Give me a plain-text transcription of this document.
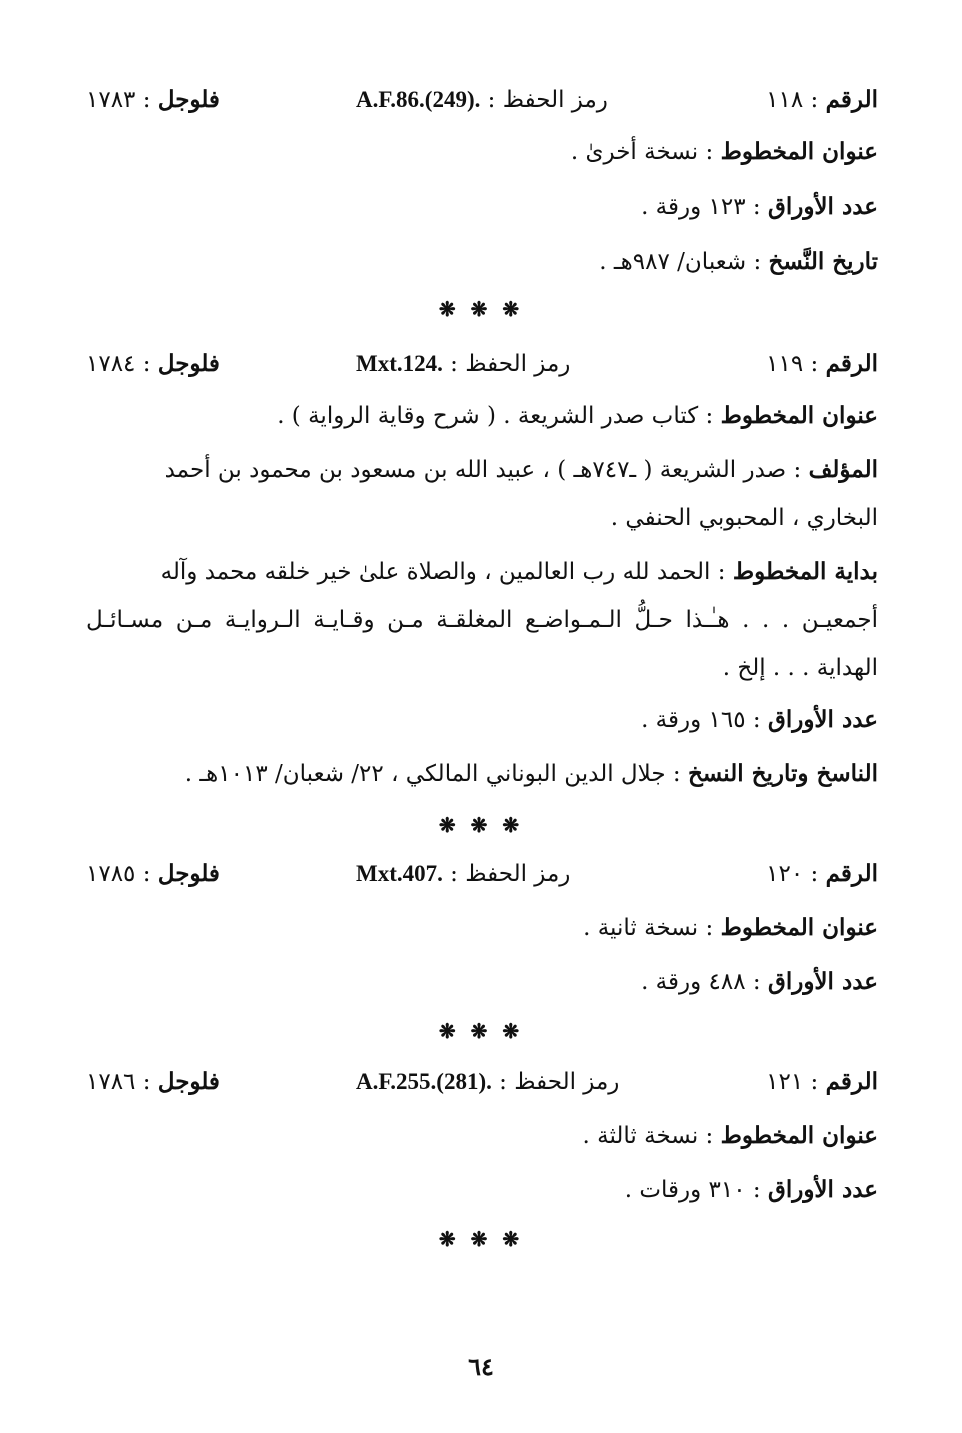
الرقم : ١١٨
رمز الحفظ : A.F.86.(249).
فلوجل : ١٧٨٣
عنوان المخطوط : نسخة أخرىٰ .
عدد الأوراق : ١٢٣ ورقة .
تاريخ النَّسخ : شعبان/ ٩٨٧هـ .
❋ ❋ ❋
الرقم : ١١٩
رمز الحفظ : Mxt.124.
فلوجل : ١٧٨٤
عنوان المخطوط : كتاب صدر الشريعة . ( شرح وقاية الرواية ) .
المؤلف : صدر الشريعة ( ـ٧٤٧هـ ) ، عبيد الله بن مسعود بن محمود بن أحمد
البخاري ، المحبوبي الحنفي .
بداية المخطوط : الحمد لله رب العالمين ، والصلاة علىٰ خير خلقه محمد وآله
أجمعيـن . . . هـٰـذا حـلُّ الـمـواضـع المغلقـة مـن وقـايـة الـروايـة مـن مسـائـل
الهداية . . . إلخ .
عدد الأوراق : ١٦٥ ورقة .
الناسخ وتاريخ النسخ : جلال الدين البوناني المالكي ، ٢٢/ شعبان/ ١٠١٣هـ .
❋ ❋ ❋
الرقم : ١٢٠
رمز الحفظ : Mxt.407.
فلوجل : ١٧٨٥
عنوان المخطوط : نسخة ثانية .
عدد الأوراق : ٤٨٨ ورقة .
❋ ❋ ❋
الرقم : ١٢١
رمز الحفظ : A.F.255.(281).
فلوجل : ١٧٨٦
عنوان المخطوط : نسخة ثالثة .
عدد الأوراق : ٣١٠ ورقات .
❋ ❋ ❋
٦٤
